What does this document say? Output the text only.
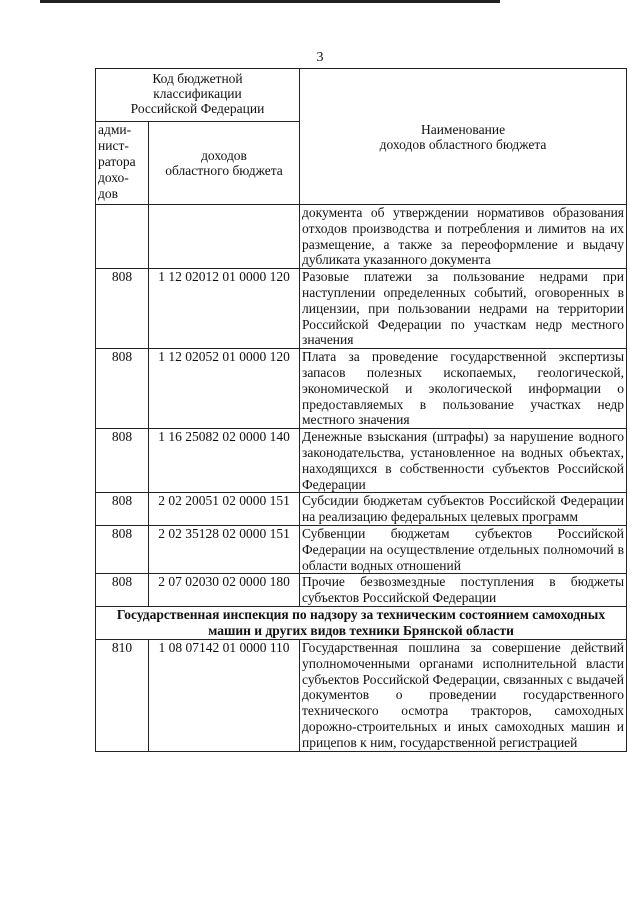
3
Код бюджетной
классификации
Российской Федерации		Наименование
доходов областного бюджета

адми-
нист-
ратора
дохо-
дов	доходов
областного бюджета	

		документа об утверждении нормативов образования отходов производства и потребления и лимитов на их размещение, а также за переоформление и выдачу дубликата указанного документа
808	1 12 02012 01 0000 120	Разовые платежи за пользование недрами при наступлении определенных событий, оговоренных в лицензии, при пользовании недрами на территории Российской Федерации по участкам недр местного значения
808	1 12 02052 01 0000 120	Плата за проведение государственной экспертизы запасов полезных ископаемых, геологической, экономической и экологической информации о предоставляемых в пользование участках недр местного значения
808	1 16 25082 02 0000 140	Денежные взыскания (штрафы) за нарушение водного законодательства, установленное на водных объектах, находящихся в собственности субъектов Российской Федерации
808	2 02 20051 02 0000 151	Субсидии бюджетам субъектов Российской Федерации на реализацию федеральных целевых программ
808	2 02 35128 02 0000 151	Субвенции бюджетам субъектов Российской Федерации на осуществление отдельных полномочий в области водных отношений
808	2 07 02030 02 0000 180	Прочие безвозмездные поступления в бюджеты субъектов Российской Федерации
Государственная инспекция по надзору за техническим состоянием самоходных машин и других видов техники Брянской области		
810	1 08 07142 01 0000 110	Государственная пошлина за совершение действий уполномоченными органами исполнительной власти субъектов Российской Федерации, связанных с выдачей документов о проведении государственного технического осмотра тракторов, самоходных дорожно-строительных и иных самоходных машин и прицепов к ним, государственной регистрацией
